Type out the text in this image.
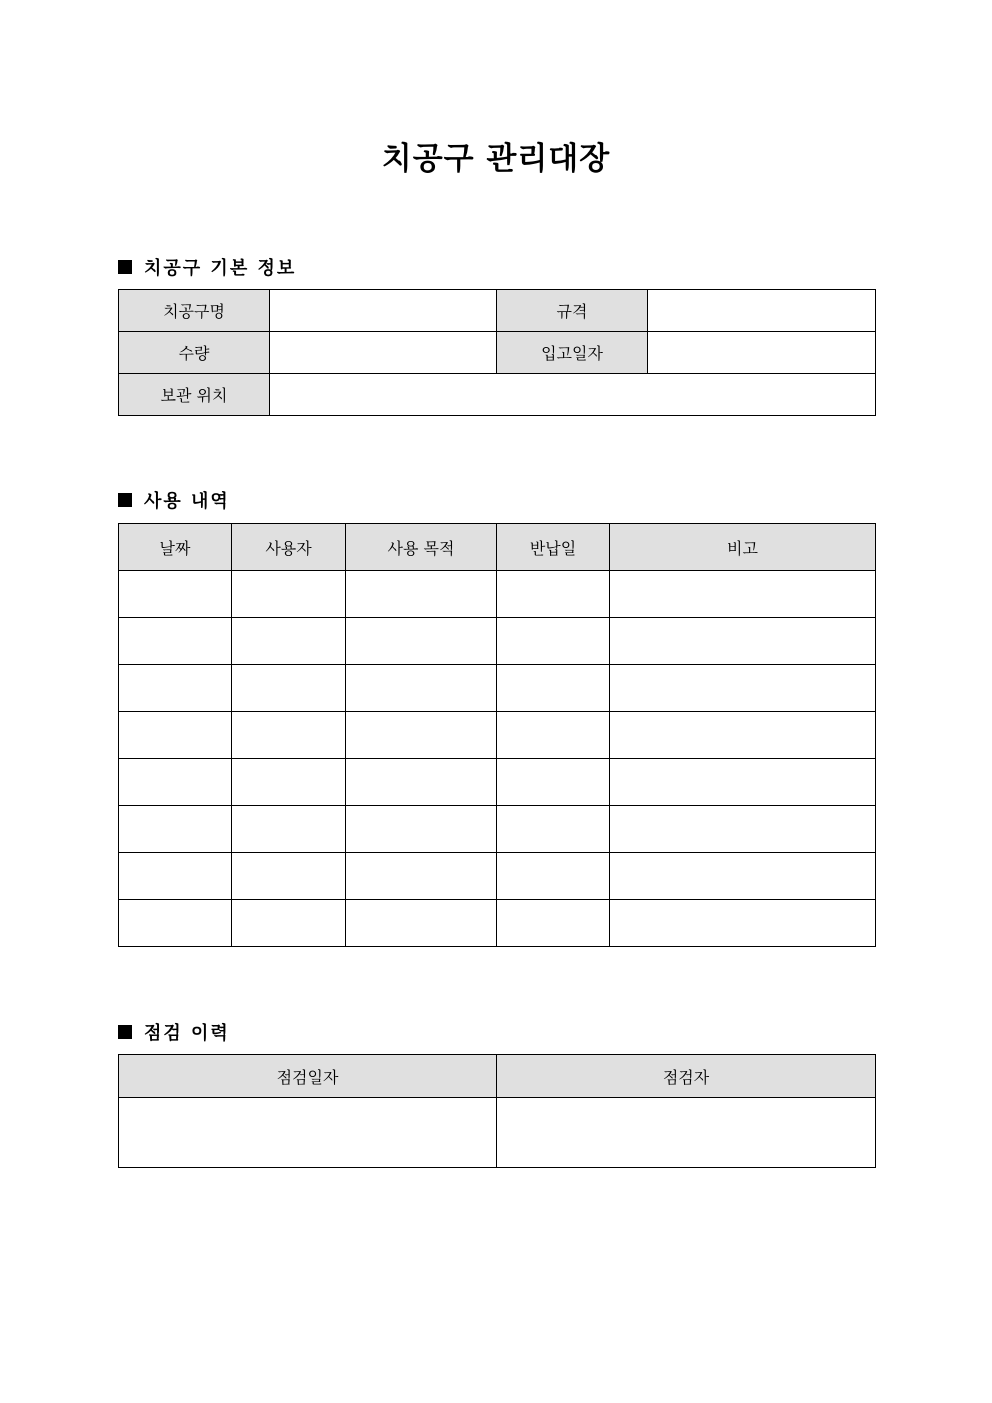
치공구 관리대장
치공구 기본 정보
치공구명		규격	
수량		입고일자	
보관 위치			
사용 내역
날짜	사용자	사용 목적	반납일	비고

점검 이력
점검일자	점검자
